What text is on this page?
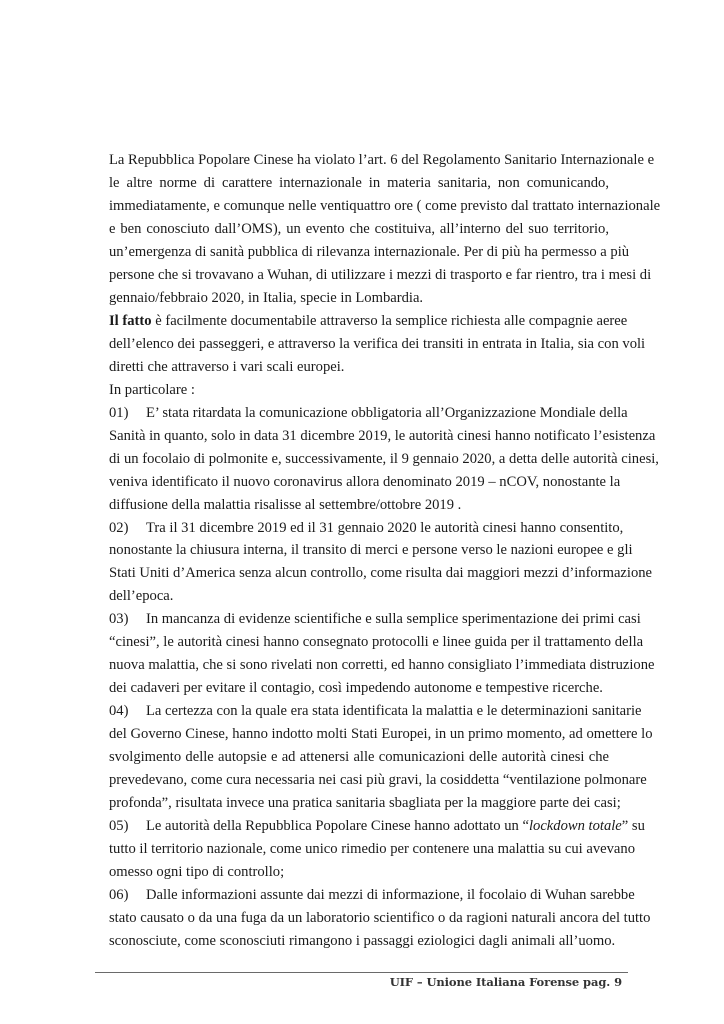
La Repubblica Popolare Cinese ha violato l’art. 6 del Regolamento Sanitario Internazionale e
le altre norme di carattere internazionale in materia sanitaria, non comunicando,
immediatamente, e comunque nelle ventiquattro ore ( come previsto dal trattato internazionale
e ben conosciuto dall’OMS), un evento che costituiva, all’interno del suo territorio,
un’emergenza di sanità pubblica di rilevanza internazionale. Per di più ha permesso a più
persone che si trovavano a Wuhan, di utilizzare i mezzi di trasporto e far rientro, tra i mesi di
gennaio/febbraio 2020, in Italia, specie in Lombardia.
Il fatto è facilmente documentabile attraverso la semplice richiesta alle compagnie aeree
dell’elenco dei passeggeri, e attraverso la verifica dei transiti in entrata in Italia, sia con voli
diretti che attraverso i vari scali europei.
In particolare :
01) E’ stata ritardata la comunicazione obbligatoria all’Organizzazione Mondiale della
Sanità in quanto, solo in data 31 dicembre 2019, le autorità cinesi hanno notificato l’esistenza
di un focolaio di polmonite e, successivamente, il 9 gennaio 2020, a detta delle autorità cinesi,
veniva identificato il nuovo coronavirus allora denominato 2019 – nCOV, nonostante la
diffusione della malattia risalisse al settembre/ottobre 2019 .
02) Tra il 31 dicembre 2019 ed il 31 gennaio 2020 le autorità cinesi hanno consentito,
nonostante la chiusura interna, il transito di merci e persone verso le nazioni europee e gli
Stati Uniti d’America senza alcun controllo, come risulta dai maggiori mezzi d’informazione
dell’epoca.
03) In mancanza di evidenze scientifiche e sulla semplice sperimentazione dei primi casi
“cinesi”, le autorità cinesi hanno consegnato protocolli e linee guida per il trattamento della
nuova malattia, che si sono rivelati non corretti, ed hanno consigliato l’immediata distruzione
dei cadaveri per evitare il contagio, così impedendo autonome e tempestive ricerche.
04) La certezza con la quale era stata identificata la malattia e le determinazioni sanitarie
del Governo Cinese, hanno indotto molti Stati Europei, in un primo momento, ad omettere lo
svolgimento delle autopsie e ad attenersi alle comunicazioni delle autorità cinesi che
prevedevano, come cura necessaria nei casi più gravi, la cosiddetta “ventilazione polmonare
profonda”, risultata invece una pratica sanitaria sbagliata per la maggiore parte dei casi;
05) Le autorità della Repubblica Popolare Cinese hanno adottato un “lockdown totale” su
tutto il territorio nazionale, come unico rimedio per contenere una malattia su cui avevano
omesso ogni tipo di controllo;
06) Dalle informazioni assunte dai mezzi di informazione, il focolaio di Wuhan sarebbe
stato causato o da una fuga da un laboratorio scientifico o da ragioni naturali ancora del tutto
sconosciute, come sconosciuti rimangono i passaggi eziologici dagli animali all’uomo.
UIF – Unione Italiana Forense pag. 9
